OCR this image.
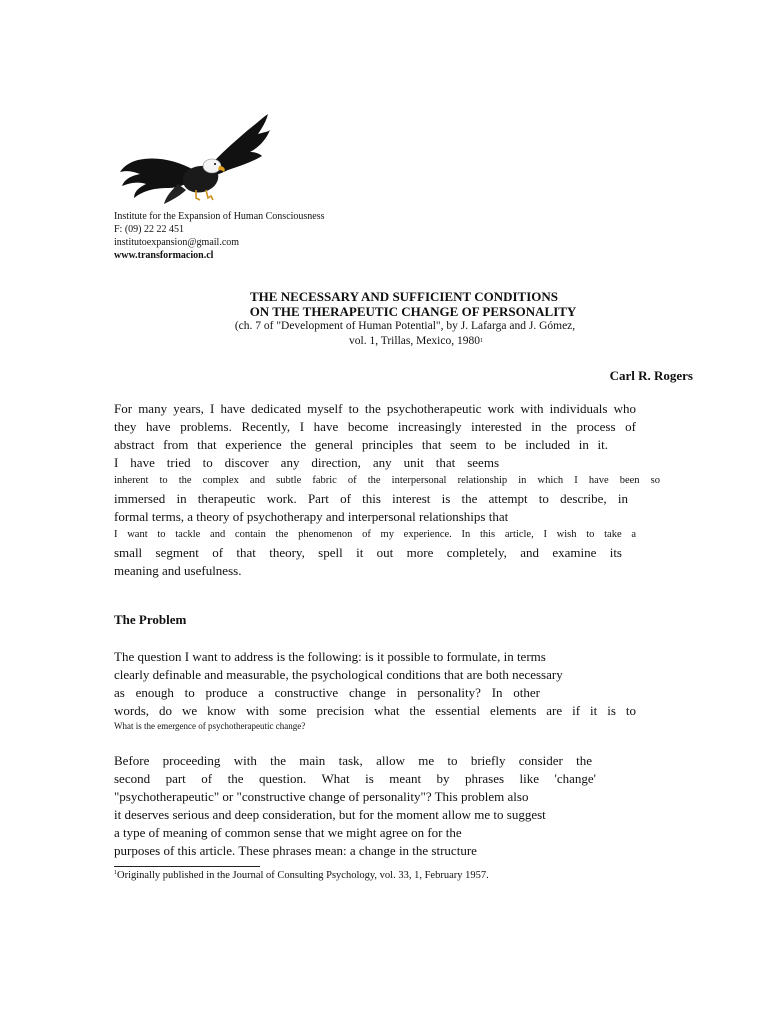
Institute for the Expansion of Human Consciousness
F: (09) 22 22 451
institutoexpansion@gmail.com
www.transformacion.cl
THE NECESSARY AND SUFFICIENT CONDITIONS
ON THE THERAPEUTIC CHANGE OF PERSONALITY
(ch. 7 of "Development of Human Potential", by J. Lafarga and J. Gómez,
vol. 1, Trillas, Mexico, 1980$^1$
Carl R. Rogers
For many years, I have dedicated myself to the psychotherapeutic work with individuals who
they have problems. Recently, I have become increasingly interested in the process of
abstract from that experience the general principles that seem to be included in it.
I have tried to discover any direction, any unit that seems
inherent to the complex and subtle fabric of the interpersonal relationship in which I have been so
immersed in therapeutic work. Part of this interest is the attempt to describe, in
formal terms, a theory of psychotherapy and interpersonal relationships that
I want to tackle and contain the phenomenon of my experience. In this article, I wish to take a
small segment of that theory, spell it out more completely, and examine its
meaning and usefulness.
The Problem
The question I want to address is the following: is it possible to formulate, in terms
clearly definable and measurable, the psychological conditions that are both necessary
as enough to produce a constructive change in personality? In other
words, do we know with some precision what the essential elements are if it is to
What is the emergence of psychotherapeutic change?
Before proceeding with the main task, allow me to briefly consider the
second part of the question. What is meant by phrases like 'change'
"psychotherapeutic" or "constructive change of personality"? This problem also
it deserves serious and deep consideration, but for the moment allow me to suggest
a type of meaning of common sense that we might agree on for the
purposes of this article. These phrases mean: a change in the structure
$^1$Originally published in the Journal of Consulting Psychology, vol. 33, 1, February 1957.
